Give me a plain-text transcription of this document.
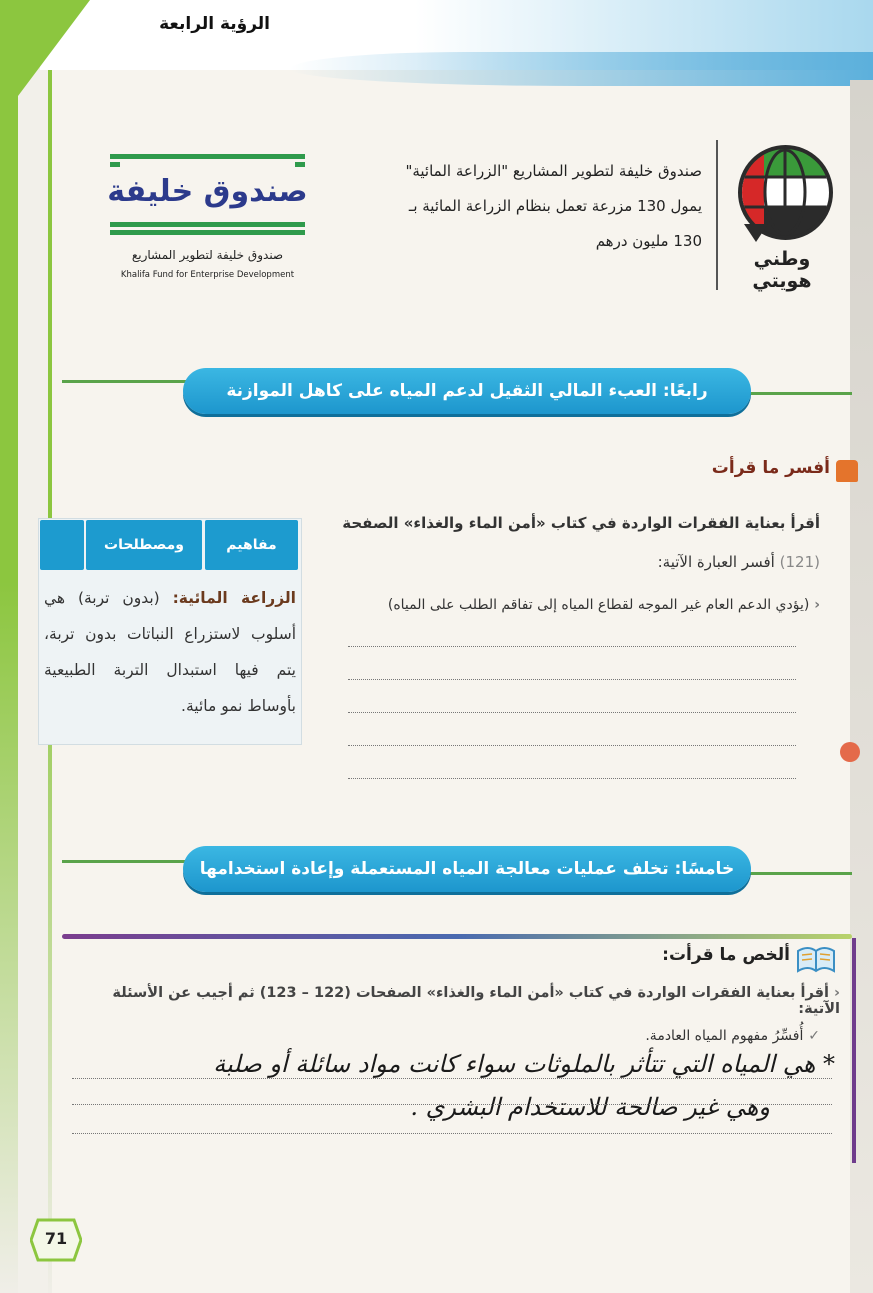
الرؤية الرابعة
صندوق خليفة
صندوق خليفة لتطوير المشاريع
Khalifa Fund for Enterprise Development
صندوق خليفة لتطوير المشاريع "الزراعة المائية"
يمول 130 مزرعة تعمل بنظام الزراعة المائية بـ
130 مليون درهم
وطني هويتي
رابعًا: العبء المالي الثقيل لدعم المياه على كاهل الموازنة
أفسر ما قرأت
أقرأ بعناية الفقرات الواردة في كتاب «أمن الماء والغذاء» الصفحة
(121) أفسر العبارة الآتية:
‹ (يؤدي الدعم العام غير الموجه لقطاع المياه إلى تفاقم الطلب على المياه)
مفاهيم
ومصطلحات
الزراعة المائية: (بدون تربة) هي أسلوب لاستزراع النباتات بدون تربة، يتم فيها استبدال التربة الطبيعية بأوساط نمو مائية.
خامسًا: تخلف عمليات معالجة المياه المستعملة وإعادة استخدامها
ألخص ما قرأت:
‹ أقرأ بعناية الفقرات الواردة في كتاب «أمن الماء والغذاء» الصفحات (122 – 123) ثم أجيب عن الأسئلة الآتية:
✓ أُفسِّرُ مفهوم المياه العادمة.
* هي المياه التي تتأثر بالملوثات سواء كانت مواد سائلة أو صلبة
وهي غير صالحة للاستخدام البشري .
71
